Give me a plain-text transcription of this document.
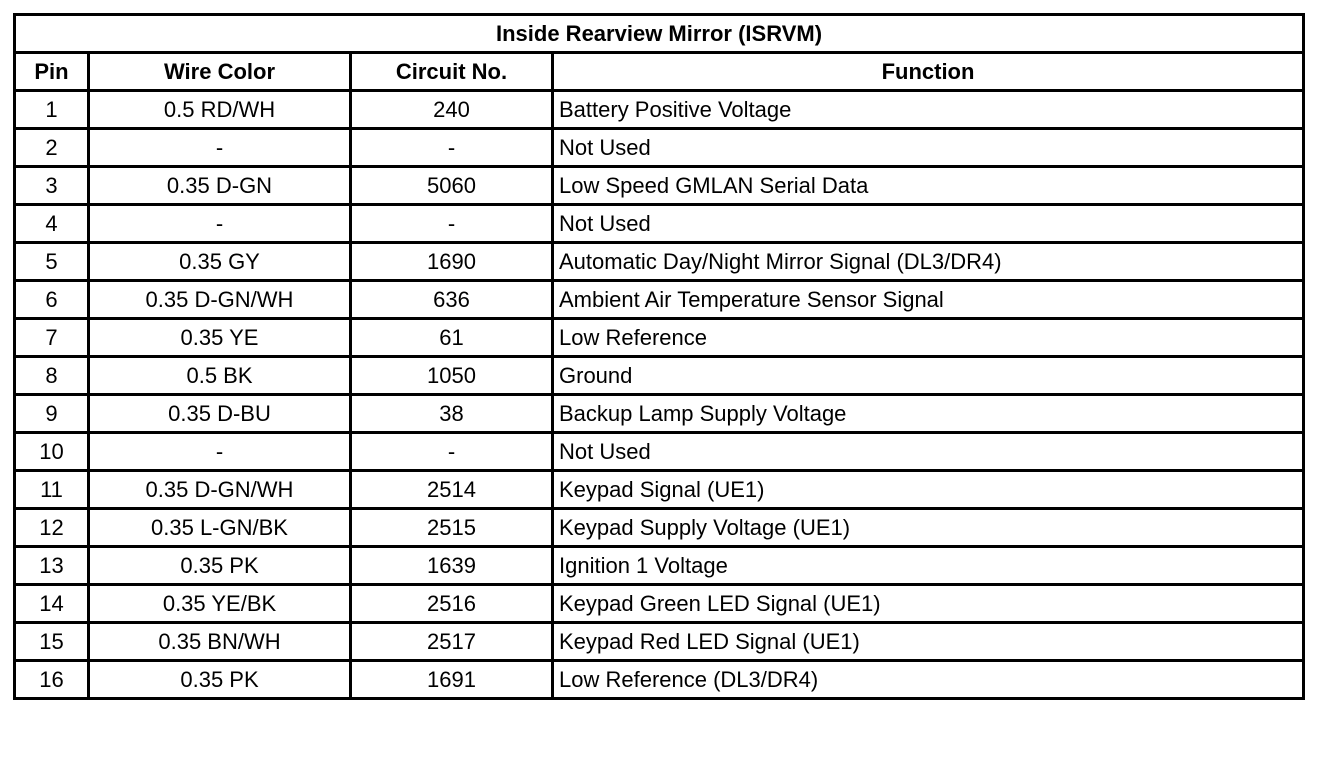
Inside Rearview Mirror (ISRVM)			
Pin	Wire Color	Circuit No.	Function
1	0.5 RD/WH	240	Battery Positive Voltage
2	-	-	Not Used
3	0.35 D-GN	5060	Low Speed GMLAN Serial Data
4	-	-	Not Used
5	0.35 GY	1690	Automatic Day/Night Mirror Signal (DL3/DR4)
6	0.35 D-GN/WH	636	Ambient Air Temperature Sensor Signal
7	0.35 YE	61	Low Reference
8	0.5 BK	1050	Ground
9	0.35 D-BU	38	Backup Lamp Supply Voltage
10	-	-	Not Used
11	0.35 D-GN/WH	2514	Keypad Signal (UE1)
12	0.35 L-GN/BK	2515	Keypad Supply Voltage (UE1)
13	0.35 PK	1639	Ignition 1 Voltage
14	0.35 YE/BK	2516	Keypad Green LED Signal (UE1)
15	0.35 BN/WH	2517	Keypad Red LED Signal (UE1)
16	0.35 PK	1691	Low Reference (DL3/DR4)
